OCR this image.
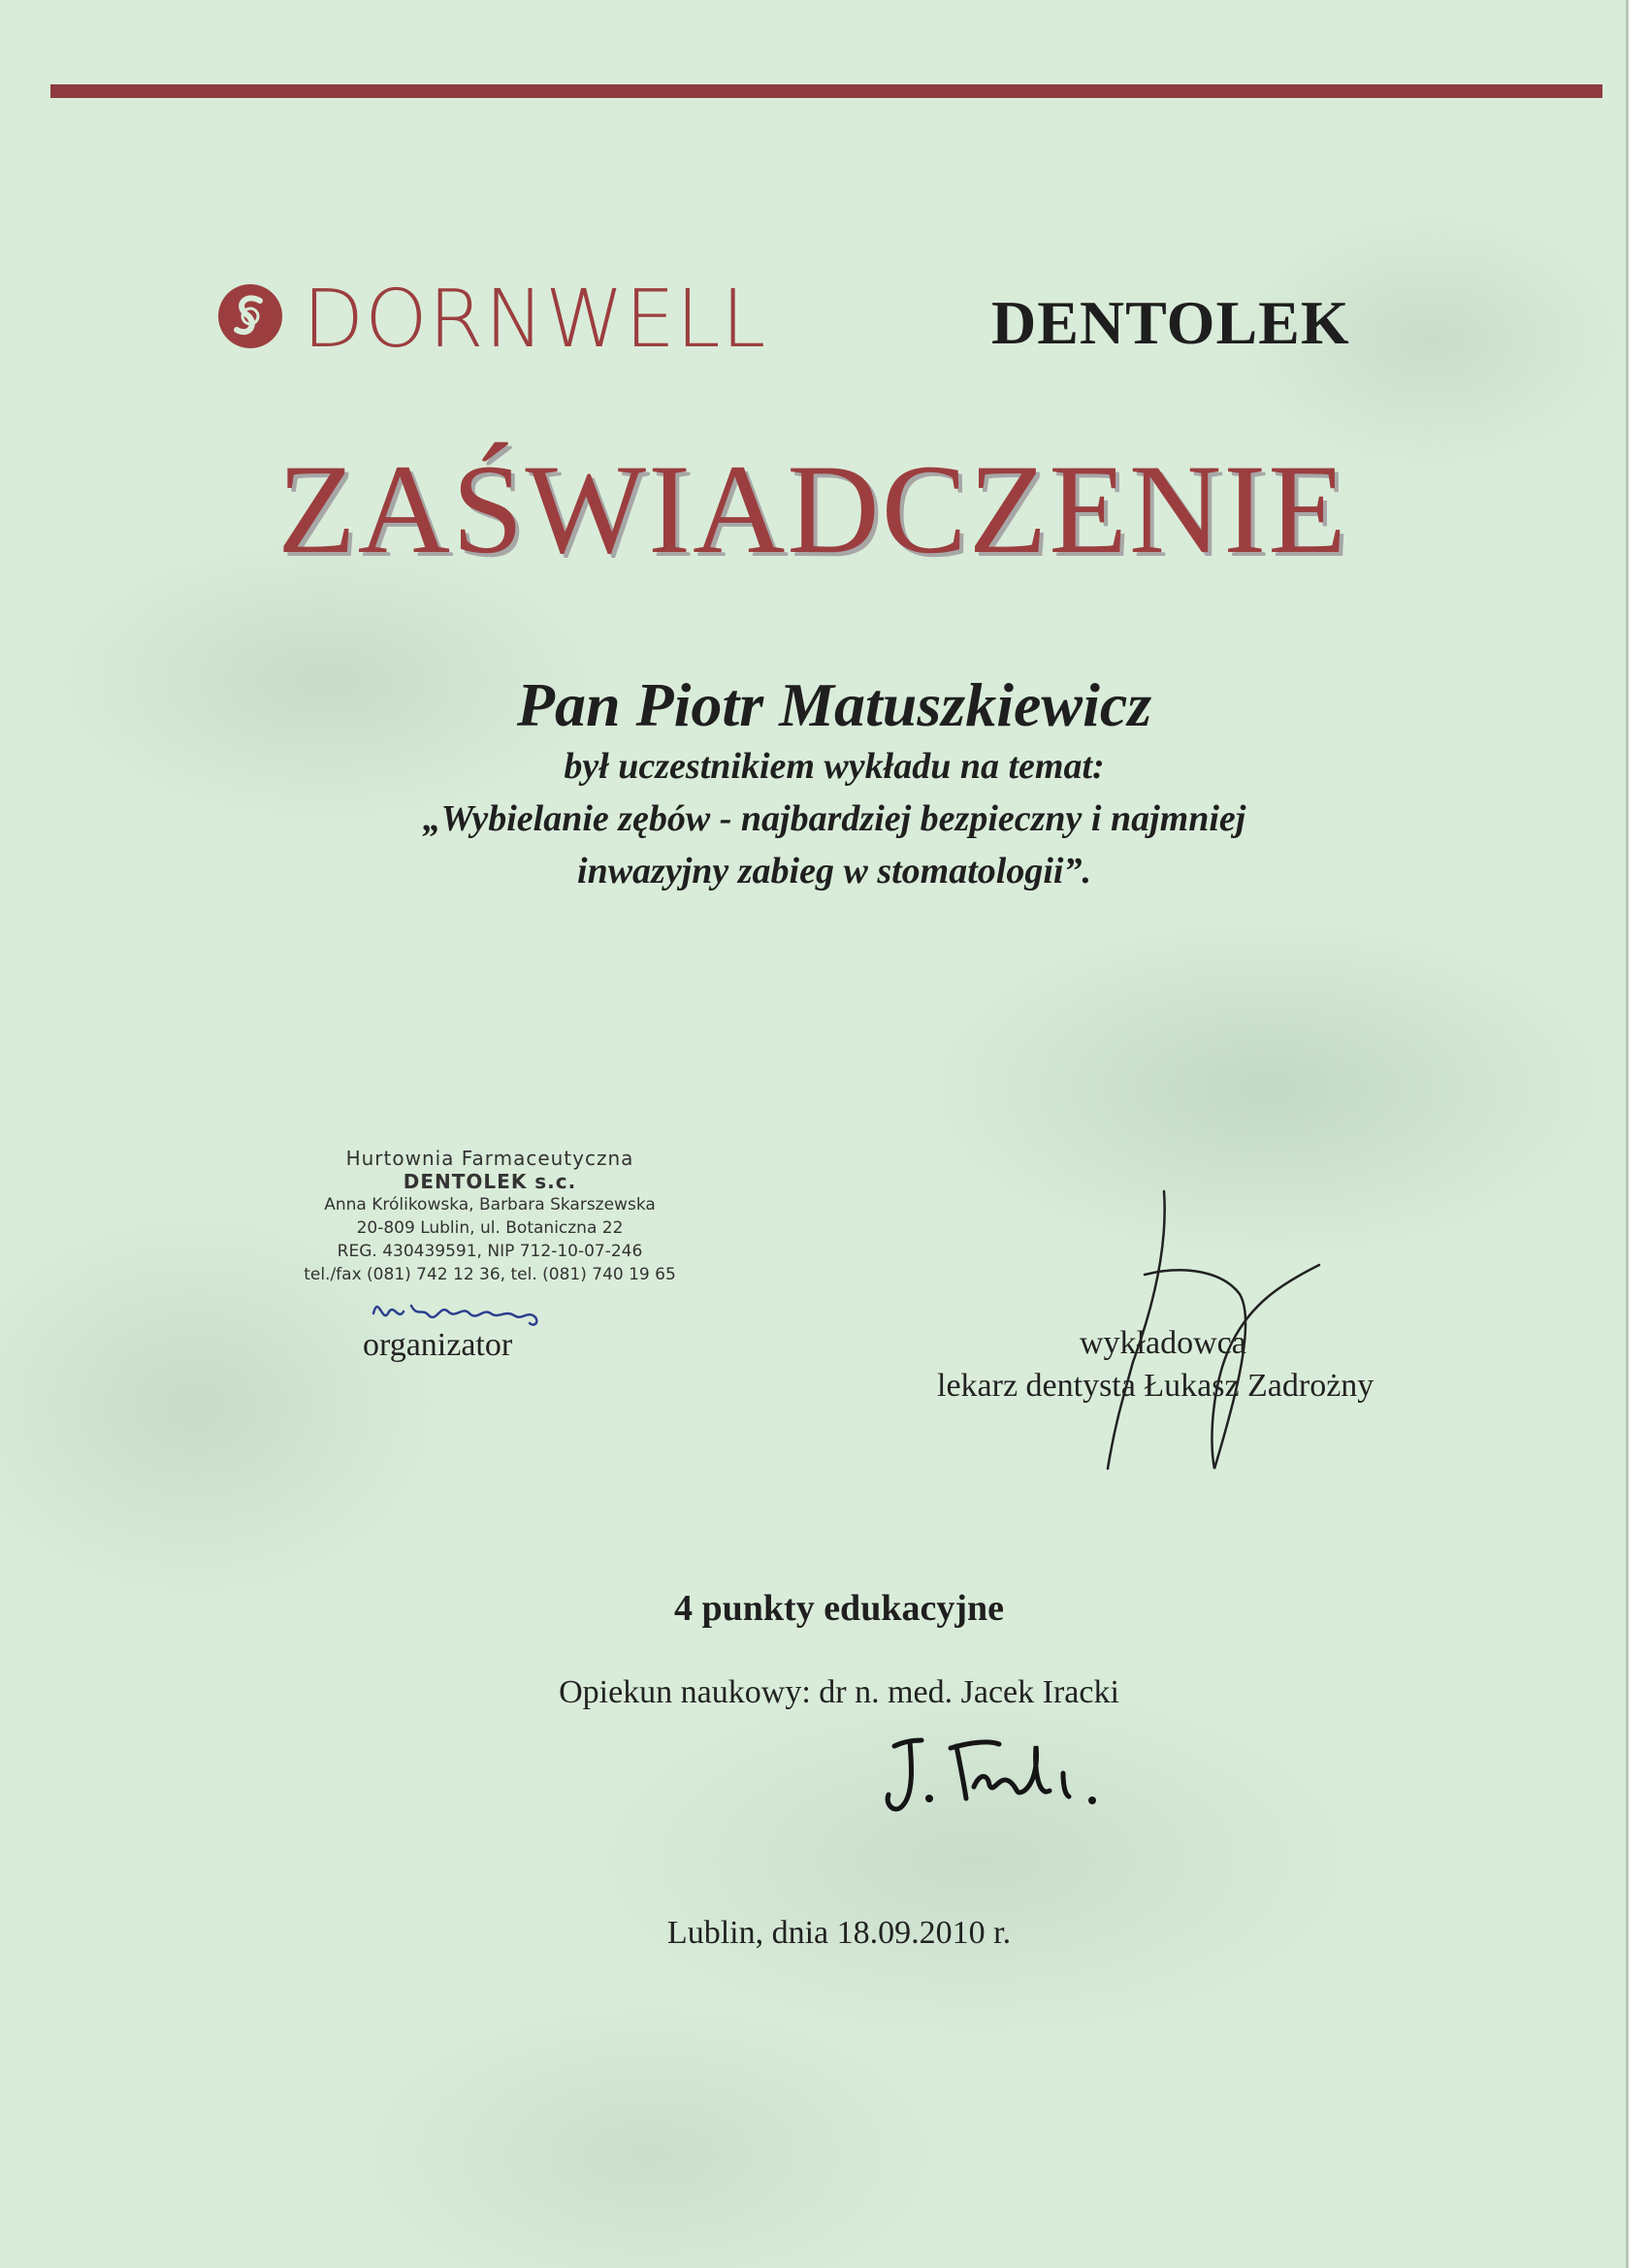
DORNWELL	DENTOLEK
ZAŚWIADCZENIE
Pan Piotr Matuszkiewicz
był uczestnikiem wykładu na temat:
„Wybielanie zębów - najbardziej bezpieczny i najmniej
inwazyjny zabieg w stomatologii”.
Hurtownia Farmaceutyczna
DENTOLEK s.c.
Anna Królikowska, Barbara Skarszewska
20-809 Lublin, ul. Botaniczna 22
REG. 430439591, NIP 712-10-07-246
tel./fax (081) 742 12 36, tel. (081) 740 19 65
organizator	wykładowca
lekarz dentysta Łukasz Zadrożny
4 punkty edukacyjne
Opiekun naukowy: dr n. med. Jacek Iracki
Lublin, dnia 18.09.2010 r.
